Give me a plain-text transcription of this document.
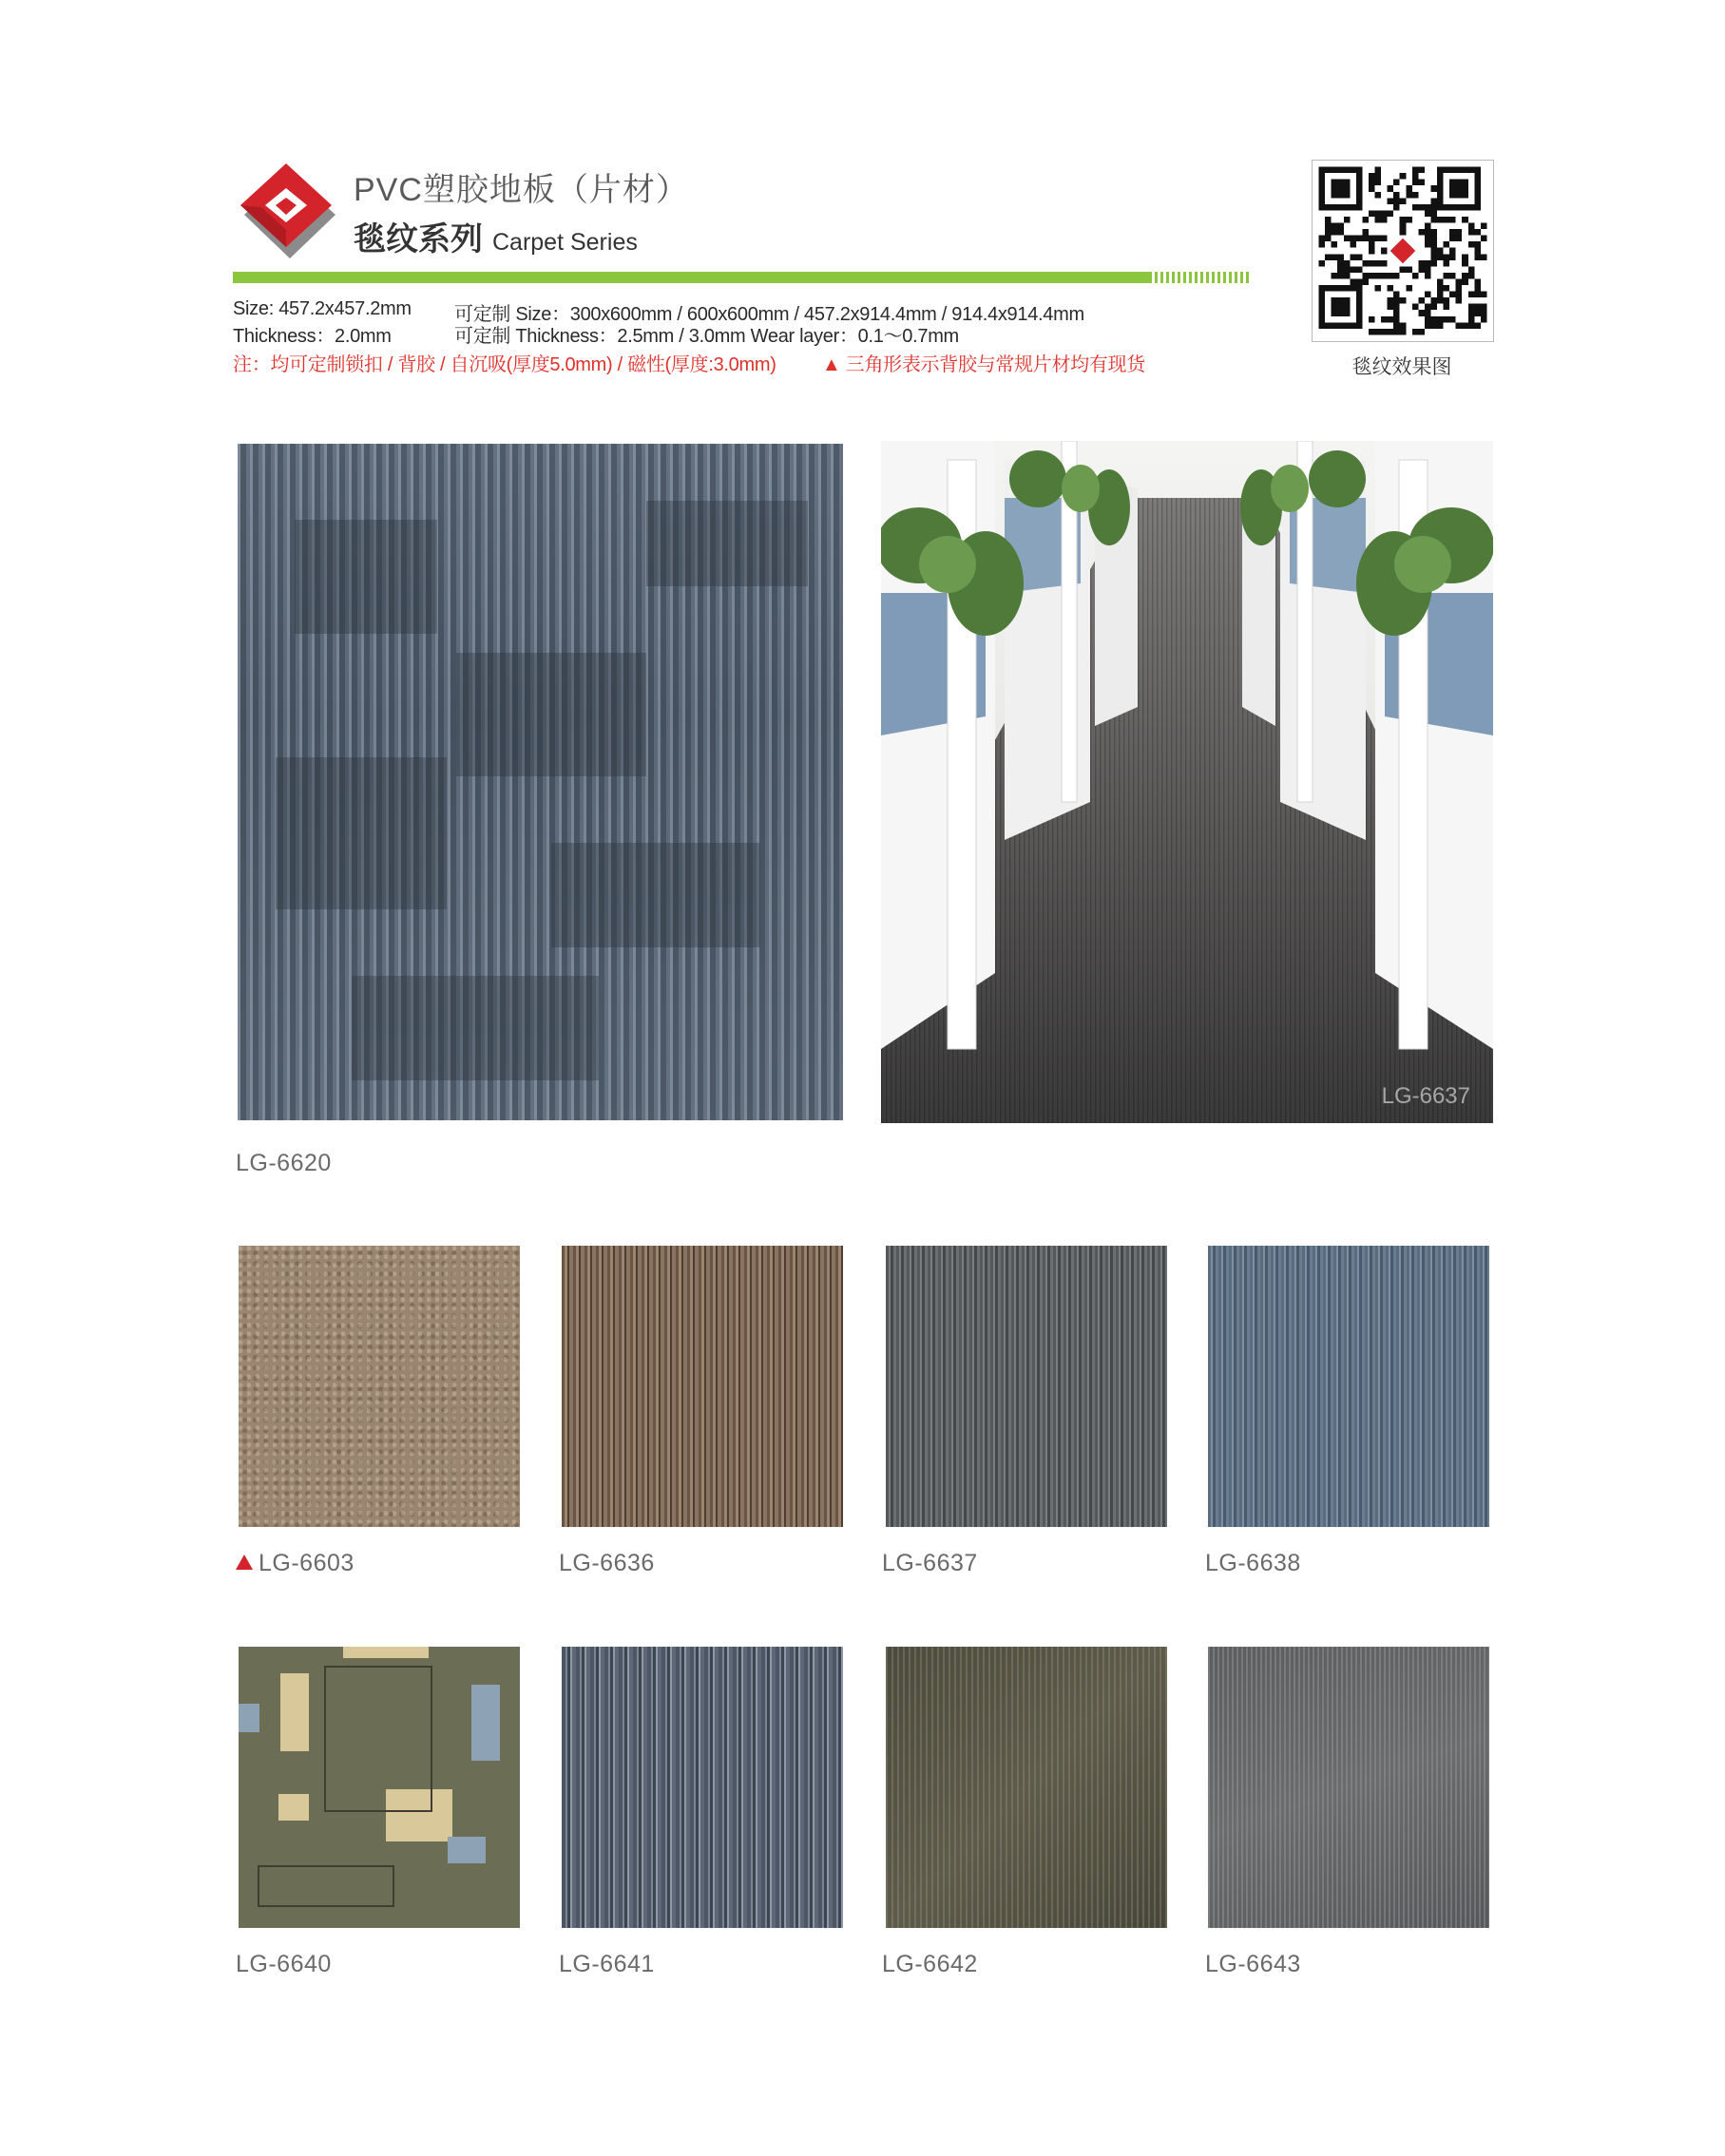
PVC塑胶地板（片材）
毯纹系列 Carpet Series
Size: 457.2x457.2mm 可定制 Size：300x600mm / 600x600mm / 457.2x914.4mm / 914.4x914.4mm
Thickness：2.0mm	可定制 Thickness：2.5mm / 3.0mm Wear layer：0.1～0.7mm
注：均可定制锁扣 / 背胶 / 自沉吸(厚度5.0mm) / 磁性(厚度:3.0mm) ▲ 三角形表示背胶与常规片材均有现货	毯纹效果图
LG-6620
LG-6637
LG-6603	LG-6636	LG-6637	LG-6638
LG-6640	LG-6641	LG-6642	LG-6643
